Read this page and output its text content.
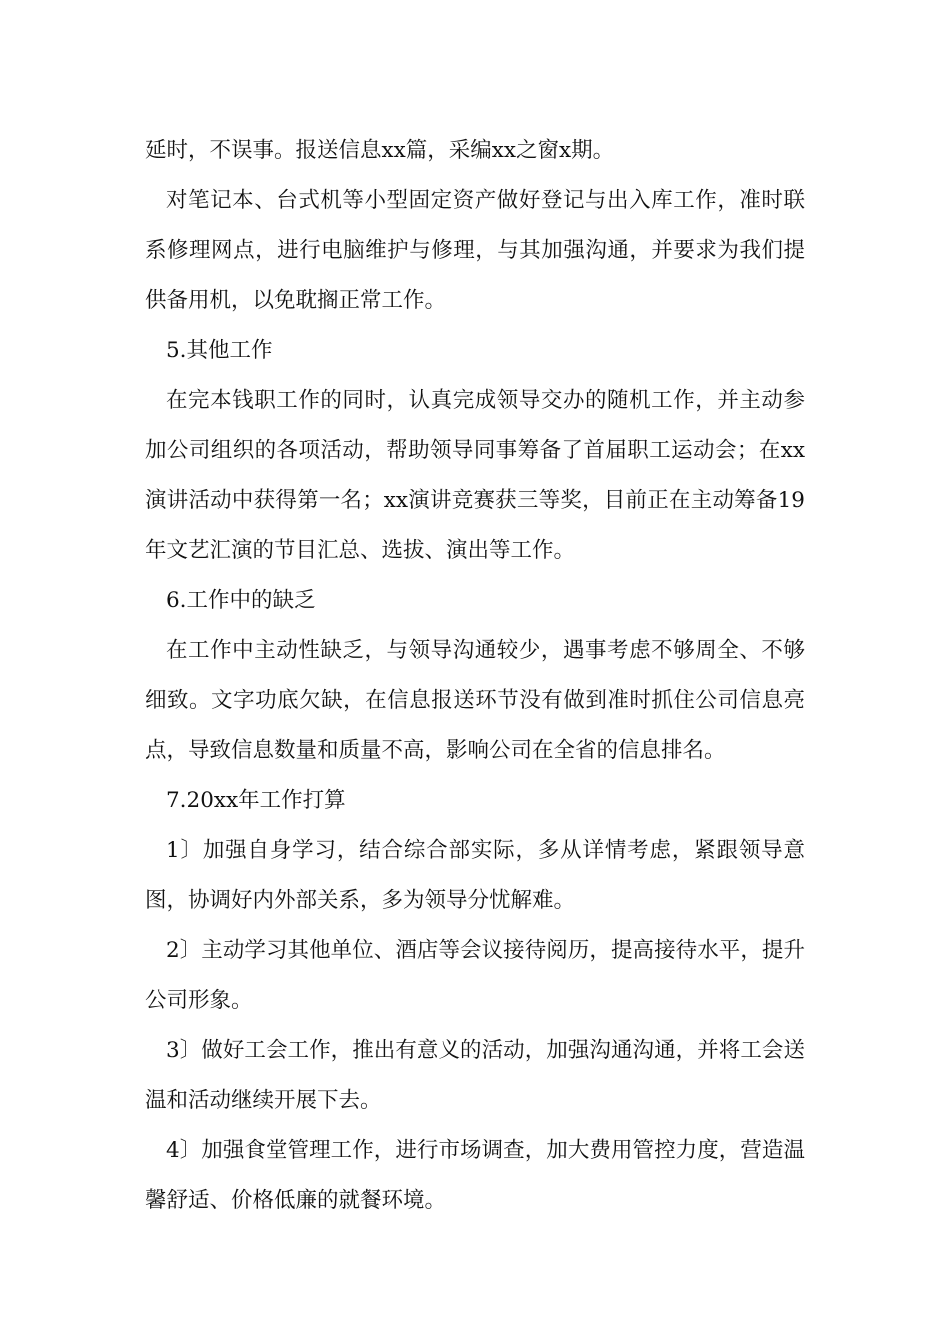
延时，不误事。报送信息xx篇，采编xx之窗x期。

对笔记本、台式机等小型固定资产做好登记与出入库工作，准时联系修理网点，进行电脑维护与修理，与其加强沟通，并要求为我们提供备用机，以免耽搁正常工作。

5.其他工作

在完本钱职工作的同时，认真完成领导交办的随机工作，并主动参加公司组织的各项活动，帮助领导同事筹备了首届职工运动会；在xx演讲活动中获得第一名；xx演讲竞赛获三等奖，目前正在主动筹备19年文艺汇演的节目汇总、选拔、演出等工作。

6.工作中的缺乏

在工作中主动性缺乏，与领导沟通较少，遇事考虑不够周全、不够细致。文字功底欠缺，在信息报送环节没有做到准时抓住公司信息亮点，导致信息数量和质量不高，影响公司在全省的信息排名。

7.20xx年工作打算

1〕加强自身学习，结合综合部实际，多从详情考虑，紧跟领导意图，协调好内外部关系，多为领导分忧解难。

2〕主动学习其他单位、酒店等会议接待阅历，提高接待水平，提升公司形象。

3〕做好工会工作，推出有意义的活动，加强沟通沟通，并将工会送温和活动继续开展下去。

4〕加强食堂管理工作，进行市场调查，加大费用管控力度，营造温馨舒适、价格低廉的就餐环境。
